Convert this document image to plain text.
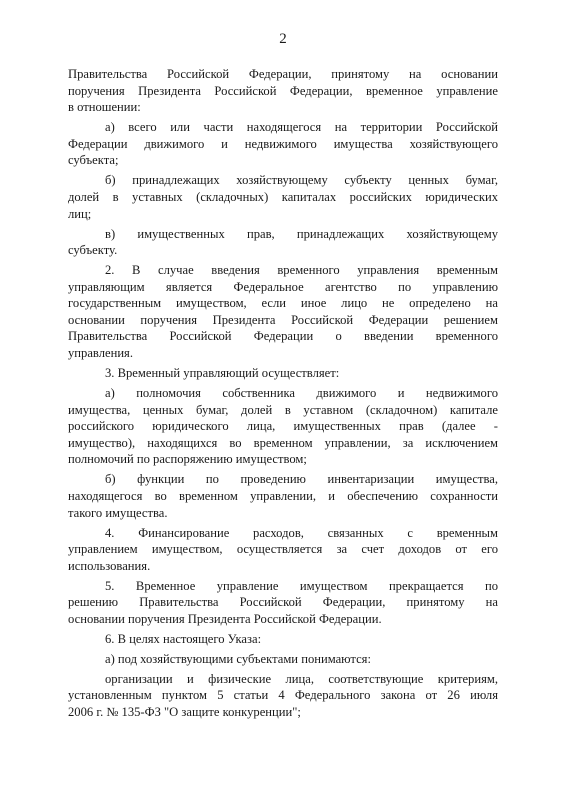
2
Правительства Российской Федерации, принятому на основании
поручения Президента Российской Федерации, временное управление
в отношении:
а) всего или части находящегося на территории Российской
Федерации движимого и недвижимого имущества хозяйствующего
субъекта;
б) принадлежащих хозяйствующему субъекту ценных бумаг,
долей в уставных (складочных) капиталах российских юридических
лиц;
в) имущественных прав, принадлежащих хозяйствующему
субъекту.
2. В случае введения временного управления временным
управляющим является Федеральное агентство по управлению
государственным имуществом, если иное лицо не определено на
основании поручения Президента Российской Федерации решением
Правительства Российской Федерации о введении временного
управления.
3. Временный управляющий осуществляет:
а) полномочия собственника движимого и недвижимого
имущества, ценных бумаг, долей в уставном (складочном) капитале
российского юридического лица, имущественных прав (далее -
имущество), находящихся во временном управлении, за исключением
полномочий по распоряжению имуществом;
б) функции по проведению инвентаризации имущества,
находящегося во временном управлении, и обеспечению сохранности
такого имущества.
4. Финансирование расходов, связанных с временным
управлением имуществом, осуществляется за счет доходов от его
использования.
5. Временное управление имуществом прекращается по
решению Правительства Российской Федерации, принятому на
основании поручения Президента Российской Федерации.
6. В целях настоящего Указа:
а) под хозяйствующими субъектами понимаются:
организации и физические лица, соответствующие критериям,
установленным пунктом 5 статьи 4 Федерального закона от 26 июля
2006 г. № 135-ФЗ "О защите конкуренции";
